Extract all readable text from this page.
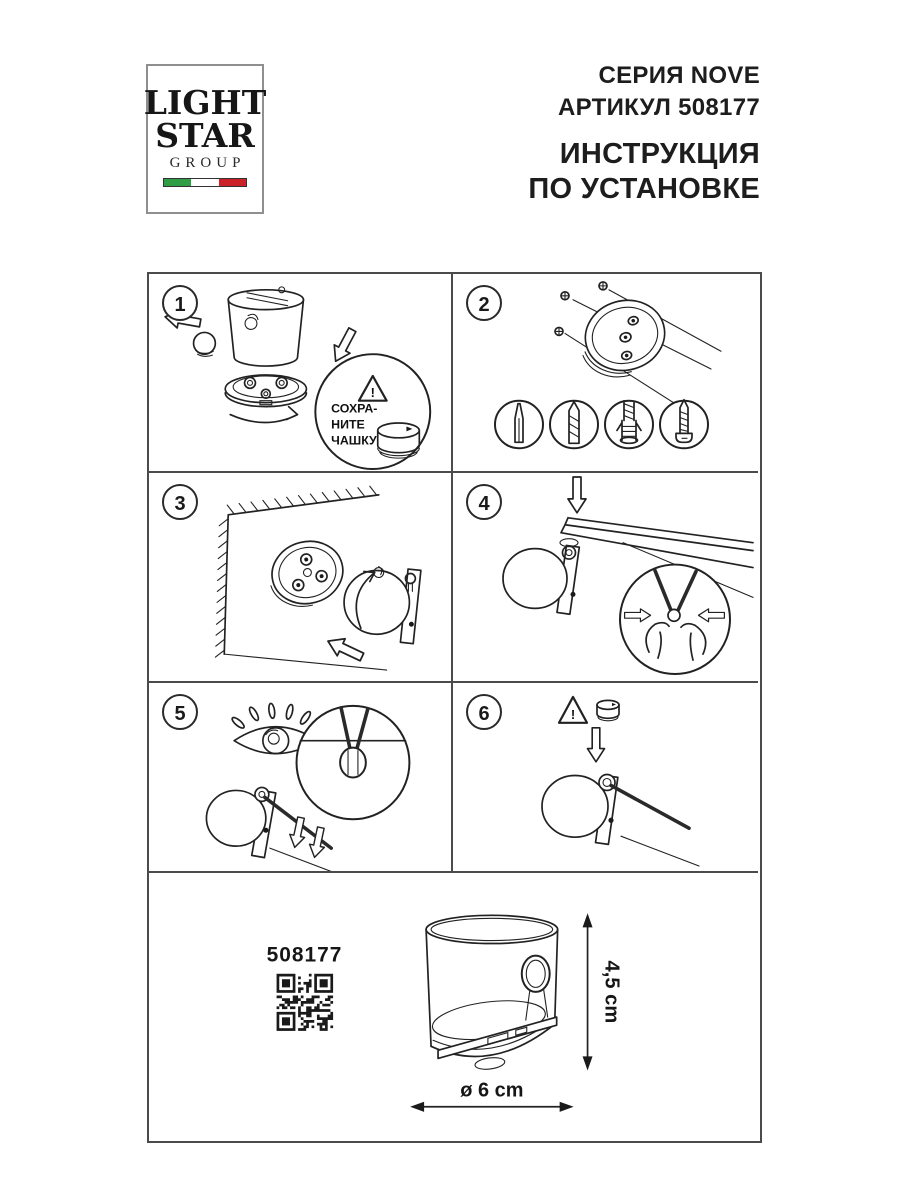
LIGHT
STAR
GROUP
СЕРИЯ NOVE
АРТИКУЛ 508177
ИНСТРУКЦИЯ
ПО УСТАНОВКЕ
1
!
СОХРА-
НИТЕ
ЧАШКУ
2
3	4
5	6	!
508177
4,5 cm
ø 6 cm
